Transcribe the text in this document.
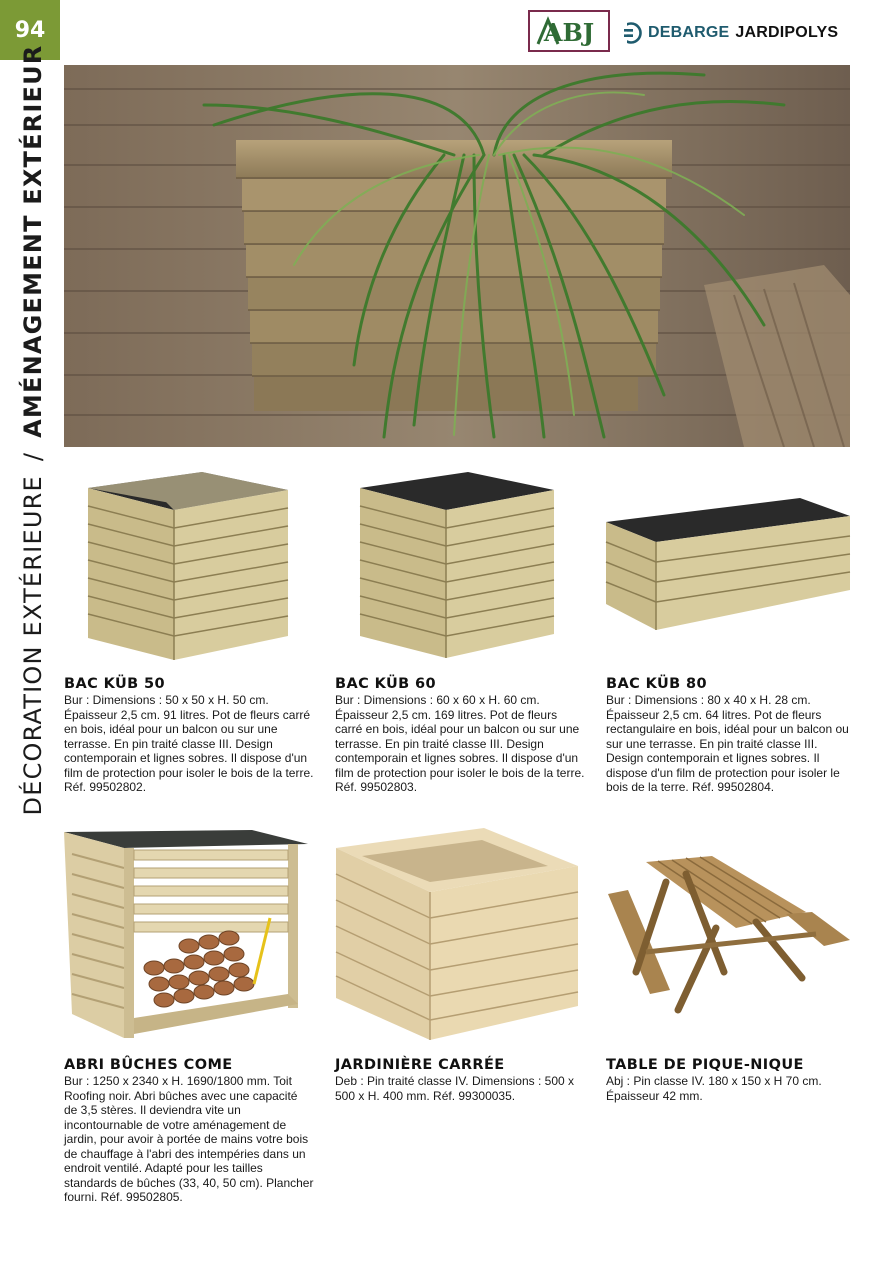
94
DÉCORATION EXTÉRIEURE
/
AMÉNAGEMENT EXTÉRIEUR
ABJ	DEBARGE JARDIPOLYS
BAC KÜB 50

Bur : Dimensions : 50 x 50 x H. 50 cm. Épaisseur 2,5 cm. 91 litres. Pot de fleurs carré en bois, idéal pour un balcon ou sur une terrasse. En pin traité classe III. Design contemporain et lignes sobres. Il dispose d'un film de protection pour isoler le bois de la terre. Réf. 99502802.

BAC KÜB 60

Bur : Dimensions : 60 x 60 x H. 60 cm. Épaisseur 2,5 cm. 169 litres. Pot de fleurs carré en bois, idéal pour un balcon ou sur une terrasse. En pin traité classe III. Design contemporain et lignes sobres. Il dispose d'un film de protection pour isoler le bois de la terre. Réf. 99502803.

BAC KÜB 80

Bur : Dimensions : 80 x 40 x H. 28 cm. Épaisseur 2,5 cm. 64 litres. Pot de fleurs rectangulaire en bois, idéal pour un balcon ou sur une terrasse. En pin traité classe III. Design contemporain et lignes sobres. Il dispose d'un film de protection pour isoler le bois de la terre. Réf. 99502804.

ABRI BÛCHES COME

Bur : 1250 x 2340 x H. 1690/1800 mm. Toit Roofing noir. Abri bûches avec une capacité de 3,5 stères. Il deviendra vite un incontournable de votre aménagement de jardin, pour avoir à portée de mains votre bois de chauffage à l'abri des intempéries dans un endroit ventilé. Adapté pour les tailles standards de bûches (33, 40, 50 cm). Plancher fourni. Réf. 99502805.

JARDINIÈRE CARRÉE

Deb : Pin traité classe IV. Dimensions : 500 x 500 x H. 400 mm. Réf. 99300035.

TABLE DE PIQUE-NIQUE

Abj : Pin classe IV. 180 x 150 x H 70 cm. Épaisseur 42 mm.
